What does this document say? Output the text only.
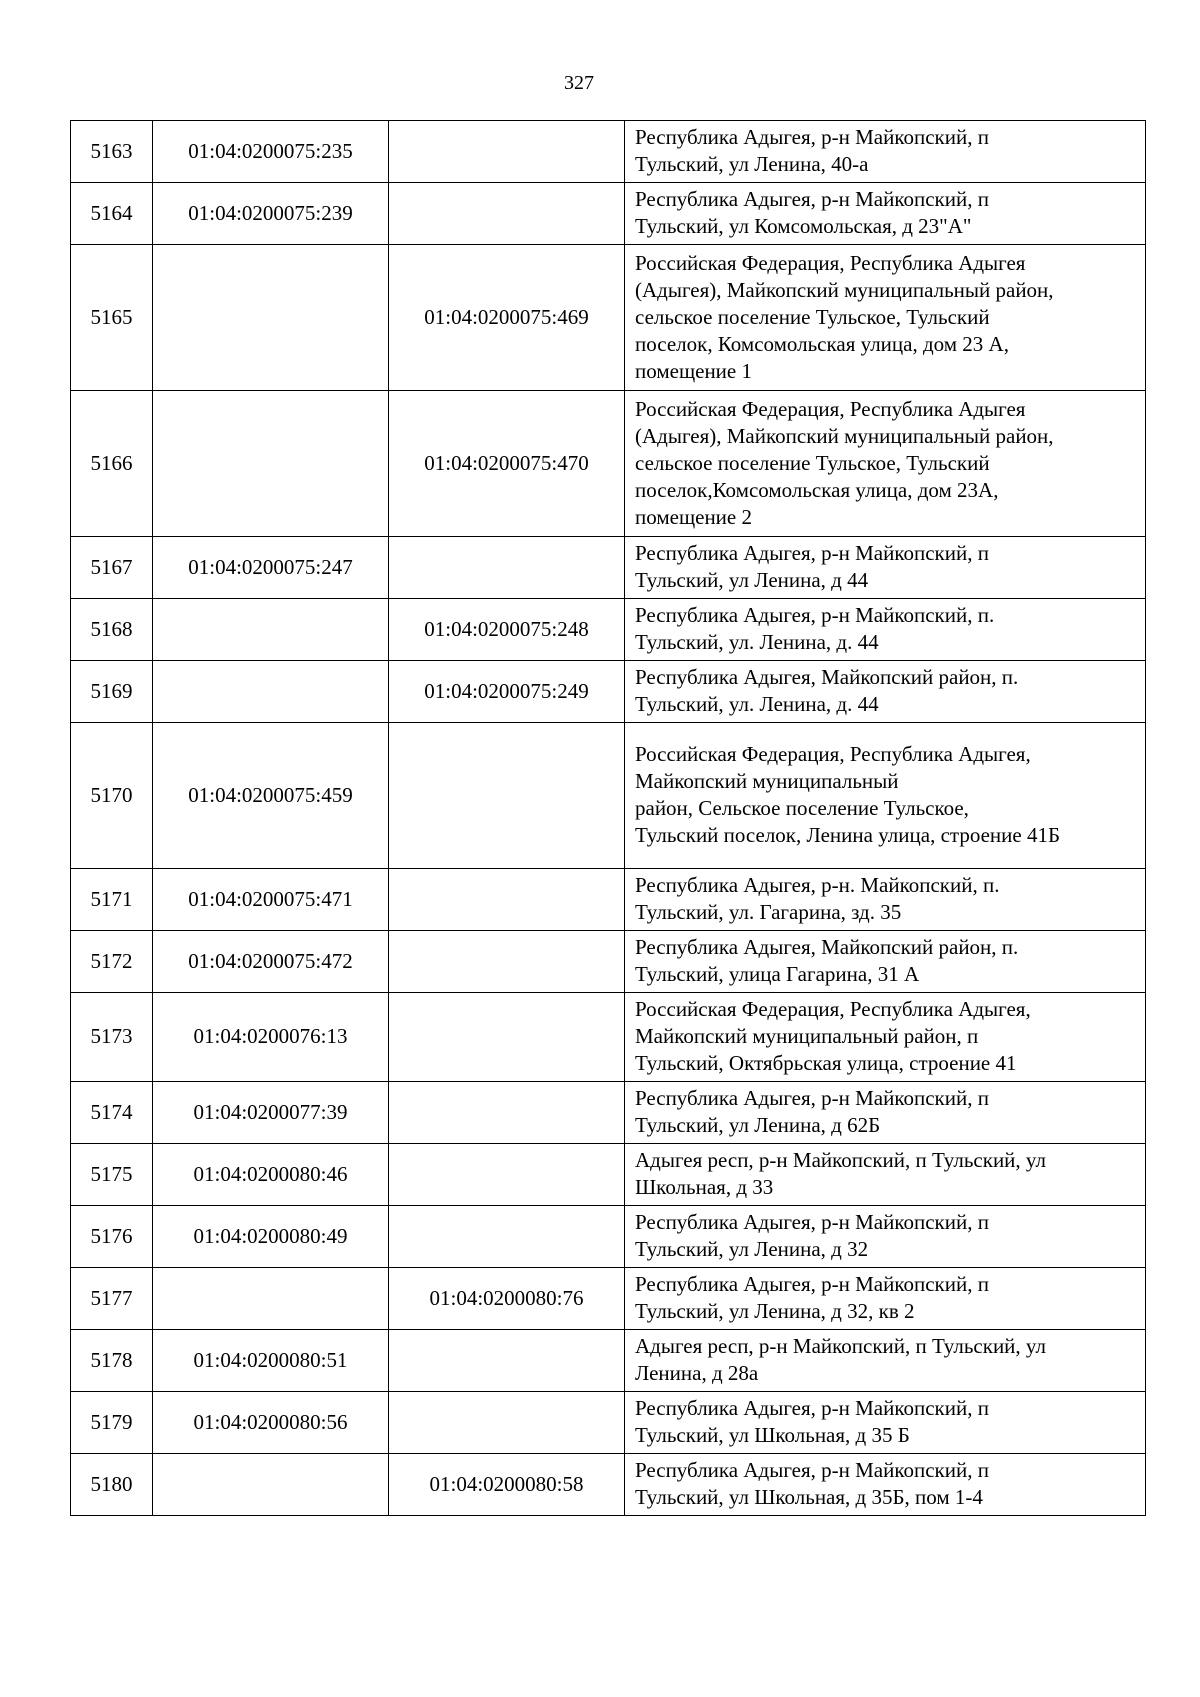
327
5163	01:04:0200075:235		Республика Адыгея, р-н Майкопский, п
Тульский, ул Ленина, 40-а

5164	01:04:0200075:239		Республика Адыгея, р-н Майкопский, п
Тульский, ул Комсомольская, д 23"А"

5165		01:04:0200075:469	Российская Федерация, Республика Адыгея
(Адыгея), Майкопский муниципальный район,
сельское поселение Тульское, Тульский
поселок, Комсомольская улица, дом 23 А,
помещение 1

5166		01:04:0200075:470	Российская Федерация, Республика Адыгея
(Адыгея), Майкопский муниципальный район,
сельское поселение Тульское, Тульский
поселок,Комсомольская улица, дом 23А,
помещение 2

5167	01:04:0200075:247		Республика Адыгея, р-н Майкопский, п
Тульский, ул Ленина, д 44

5168		01:04:0200075:248	Республика Адыгея, р-н Майкопский, п.
Тульский, ул. Ленина, д. 44

5169		01:04:0200075:249	Республика Адыгея, Майкопский район, п.
Тульский, ул. Ленина, д. 44

5170	01:04:0200075:459		Российская Федерация, Республика Адыгея,
Майкопский муниципальный
район, Сельское поселение Тульское,
Тульский поселок, Ленина улица, строение 41Б

5171	01:04:0200075:471		Республика Адыгея, р-н. Майкопский, п.
Тульский, ул. Гагарина, зд. 35

5172	01:04:0200075:472		Республика Адыгея, Майкопский район, п.
Тульский, улица Гагарина, 31 А

5173	01:04:0200076:13		Российская Федерация, Республика Адыгея,
Майкопский муниципальный район, п
Тульский, Октябрьская улица, строение 41

5174	01:04:0200077:39		Республика Адыгея, р-н Майкопский, п
Тульский, ул Ленина, д 62Б

5175	01:04:0200080:46		Адыгея респ, р-н Майкопский, п Тульский, ул
Школьная, д 33

5176	01:04:0200080:49		Республика Адыгея, р-н Майкопский, п
Тульский, ул Ленина, д 32

5177		01:04:0200080:76	Республика Адыгея, р-н Майкопский, п
Тульский, ул Ленина, д 32, кв 2

5178	01:04:0200080:51		Адыгея респ, р-н Майкопский, п Тульский, ул
Ленина, д 28а

5179	01:04:0200080:56		Республика Адыгея, р-н Майкопский, п
Тульский, ул Школьная, д 35 Б

5180		01:04:0200080:58	Республика Адыгея, р-н Майкопский, п
Тульский, ул Школьная, д 35Б, пом 1-4
